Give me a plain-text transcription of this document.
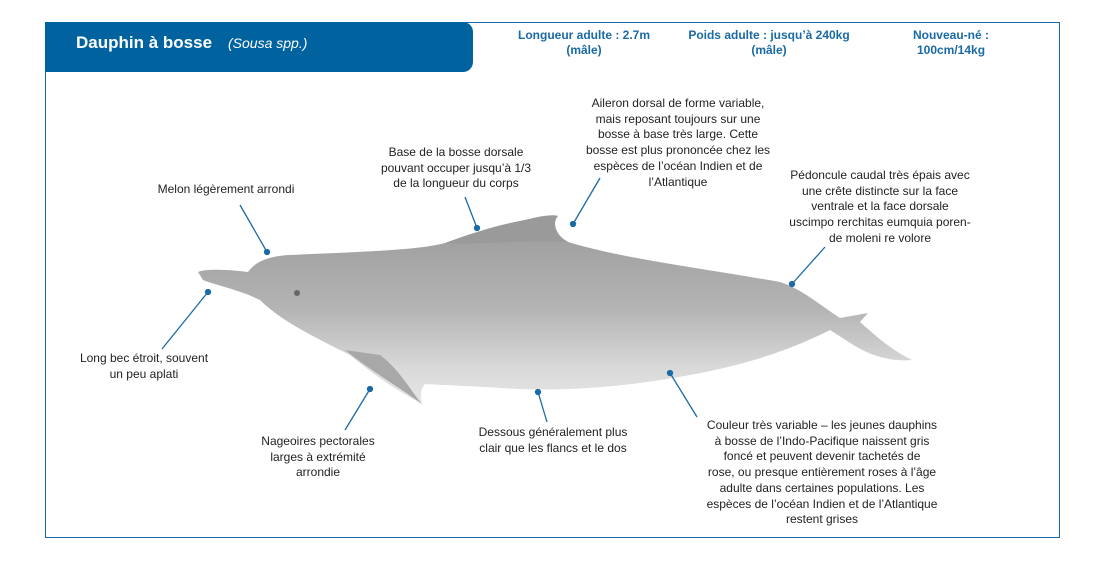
Dauphin à bosse (Sousa spp.)	Longueur adulte : 2.7m
(mâle)
Poids adulte : jusqu’à 240kg
(mâle)
Nouveau-né : 100cm/14kg
Melon légèrement arrondi
Base de la bosse dorsale
pouvant occuper jusqu’à 1/3
de la longueur du corps
Aileron dorsal de forme variable,
mais reposant toujours sur une
bosse à base très large. Cette
bosse est plus prononcée chez les
espèces de l’océan Indien et de
l’Atlantique	Pédoncule caudal très épais avec
une crête distincte sur la face
ventrale et la face dorsale
uscimpo rerchitas eumquia poren-
de moleni re volore
Long bec étroit, souvent
un peu aplati
Nageoires pectorales
larges à extrémité
arrondie
Dessous généralement plus
clair que les flancs et le dos
Couleur très variable – les jeunes dauphins
à bosse de l’Indo-Pacifique naissent gris
foncé et peuvent devenir tachetés de
rose, ou presque entièrement roses à l’âge
adulte dans certaines populations. Les
espèces de l’océan Indien et de l’Atlantique
restent grises
